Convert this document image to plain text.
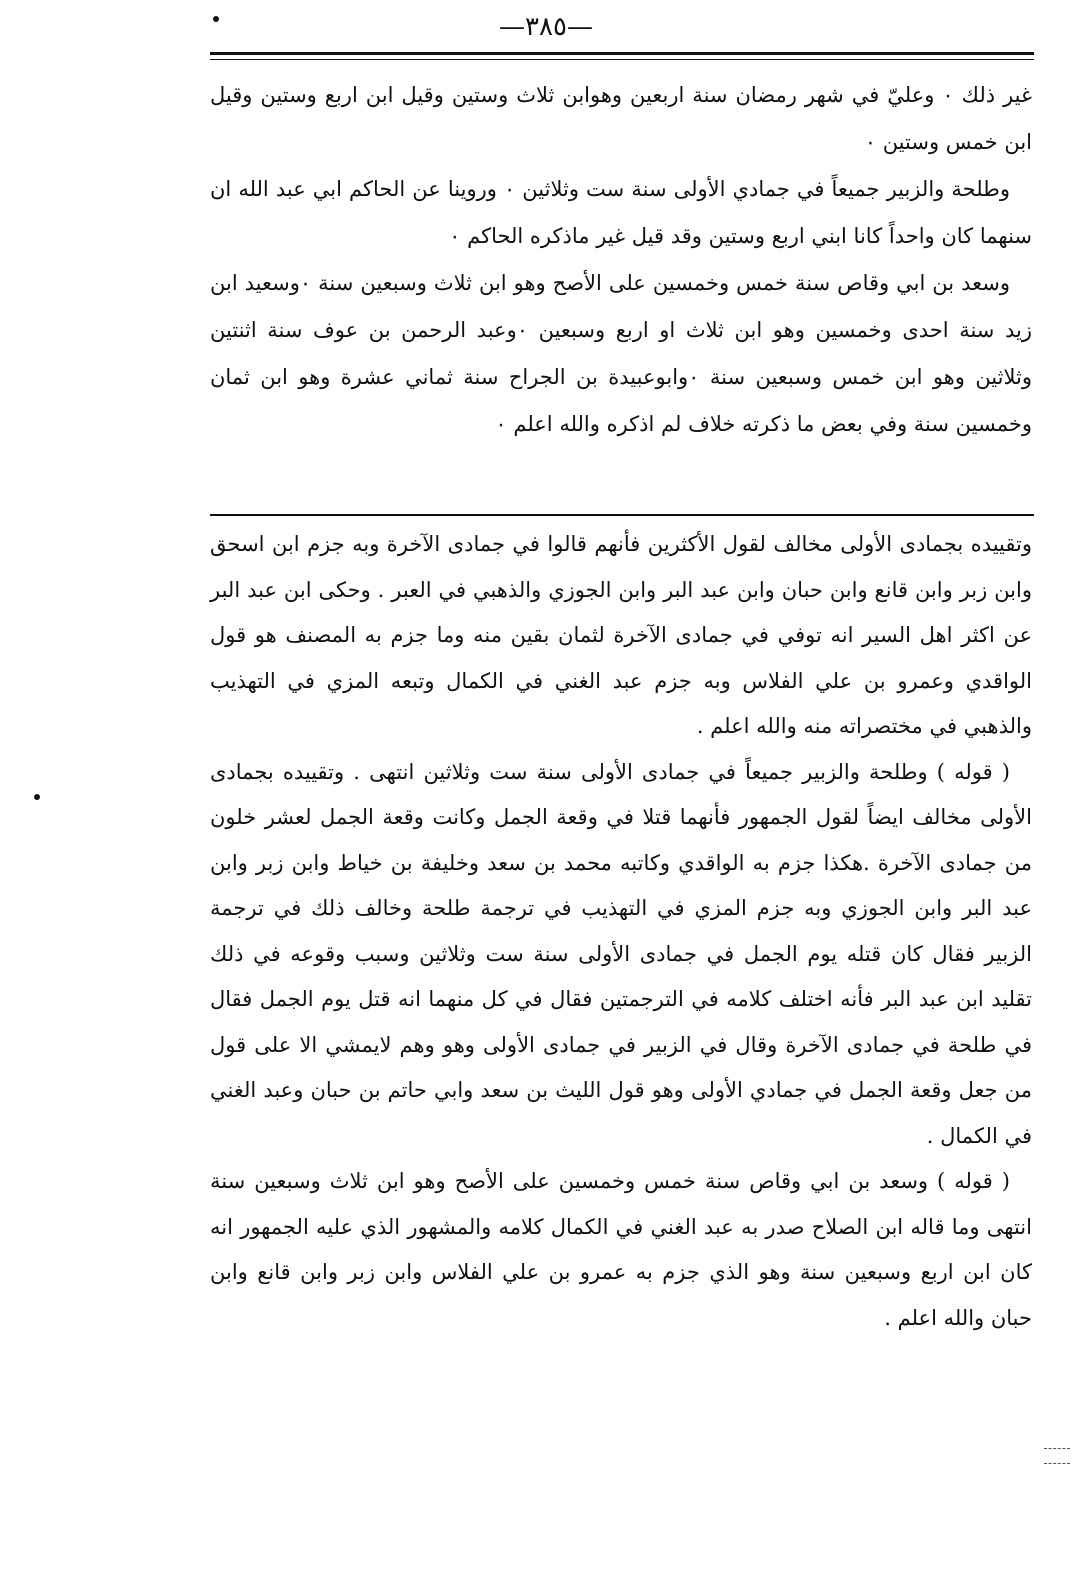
—٣٨٥—

غير ذلك ٠ وعليّ في شهر رمضان سنة اربعين وهوابن ثلاث وستين وقيل ابن اربع وستين وقيل ابن خمس وستين ٠

وطلحة والزبير جميعاً في جمادي الأولى سنة ست وثلاثين ٠ وروينا عن الحاكم ابي عبد الله ان سنهما كان واحداً كانا ابني اربع وستين وقد قيل غير ماذكره الحاكم ٠

وسعد بن ابي وقاص سنة خمس وخمسين على الأصح وهو ابن ثلاث وسبعين سنة ٠وسعيد ابن زيد سنة احدى وخمسين وهو ابن ثلاث او اربع وسبعين ٠وعبد الرحمن بن عوف سنة اثنتين وثلاثين وهو ابن خمس وسبعين سنة ٠وابوعبيدة بن الجراح سنة ثماني عشرة وهو ابن ثمان وخمسين سنة وفي بعض ما ذكرته خلاف لم اذكره والله اعلم ٠

وتقييده بجمادى الأولى مخالف لقول الأكثرين فأنهم قالوا في جمادى الآخرة وبه جزم ابن اسحق وابن زبر وابن قانع وابن حبان وابن عبد البر وابن الجوزي والذهبي في العبر . وحكى ابن عبد البر عن اكثر اهل السير انه توفي في جمادى الآخرة لثمان بقين منه وما جزم به المصنف هو قول الواقدي وعمرو بن علي الفلاس وبه جزم عبد الغني في الكمال وتبعه المزي في التهذيب والذهبي في مختصراته منه والله اعلم .

( قوله ) وطلحة والزبير جميعاً في جمادى الأولى سنة ست وثلاثين انتهى . وتقييده بجمادى الأولى مخالف ايضاً لقول الجمهور فأنهما قتلا في وقعة الجمل وكانت وقعة الجمل لعشر خلون من جمادى الآخرة .هكذا جزم به الواقدي وكاتبه محمد بن سعد وخليفة بن خياط وابن زبر وابن عبد البر وابن الجوزي وبه جزم المزي في التهذيب في ترجمة طلحة وخالف ذلك في ترجمة الزبير فقال كان قتله يوم الجمل في جمادى الأولى سنة ست وثلاثين وسبب وقوعه في ذلك تقليد ابن عبد البر فأنه اختلف كلامه في الترجمتين فقال في كل منهما انه قتل يوم الجمل فقال في طلحة في جمادى الآخرة وقال في الزبير في جمادى الأولى وهو وهم لايمشي الا على قول من جعل وقعة الجمل في جمادي الأولى وهو قول الليث بن سعد وابي حاتم بن حبان وعبد الغني في الكمال .

( قوله ) وسعد بن ابي وقاص سنة خمس وخمسين على الأصح وهو ابن ثلاث وسبعين سنة انتهى وما قاله ابن الصلاح صدر به عبد الغني في الكمال كلامه والمشهور الذي عليه الجمهور انه كان ابن اربع وسبعين سنة وهو الذي جزم به عمرو بن علي الفلاس وابن زبر وابن قانع وابن حبان والله اعلم .
